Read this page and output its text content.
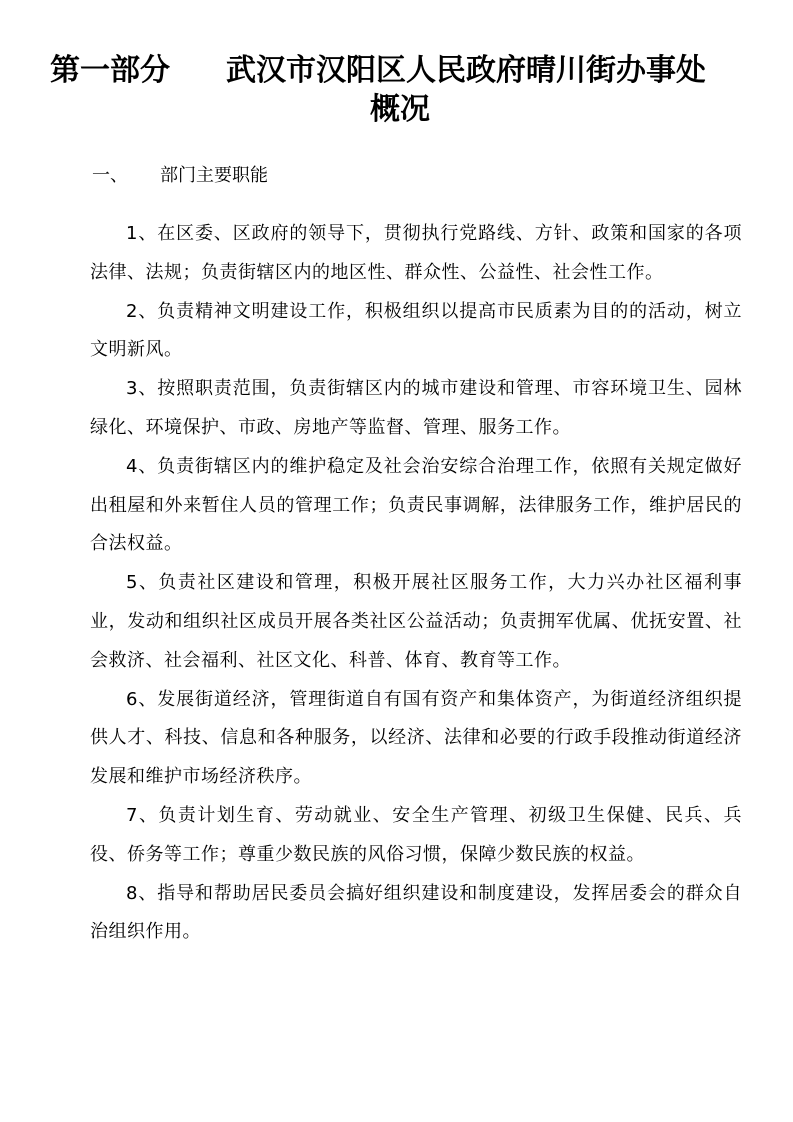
第一部分 武汉市汉阳区人民政府晴川街办事处
概况
一、 部门主要职能

1、在区委、区政府的领导下，贯彻执行党路线、方针、政策和国家的各项法律、法规；负责街辖区内的地区性、群众性、公益性、社会性工作。

2、负责精神文明建设工作，积极组织以提高市民质素为目的的活动，树立文明新风。

3、按照职责范围，负责街辖区内的城市建设和管理、市容环境卫生、园林绿化、环境保护、市政、房地产等监督、管理、服务工作。

4、负责街辖区内的维护稳定及社会治安综合治理工作，依照有关规定做好出租屋和外来暂住人员的管理工作；负责民事调解，法律服务工作，维护居民的合法权益。

5、负责社区建设和管理，积极开展社区服务工作，大力兴办社区福利事业，发动和组织社区成员开展各类社区公益活动；负责拥军优属、优抚安置、社会救济、社会福利、社区文化、科普、体育、教育等工作。

6、发展街道经济，管理街道自有国有资产和集体资产，为街道经济组织提供人才、科技、信息和各种服务，以经济、法律和必要的行政手段推动街道经济发展和维护市场经济秩序。

7、负责计划生育、劳动就业、安全生产管理、初级卫生保健、民兵、兵役、侨务等工作；尊重少数民族的风俗习惯，保障少数民族的权益。

8、指导和帮助居民委员会搞好组织建设和制度建设，发挥居委会的群众自治组织作用。
